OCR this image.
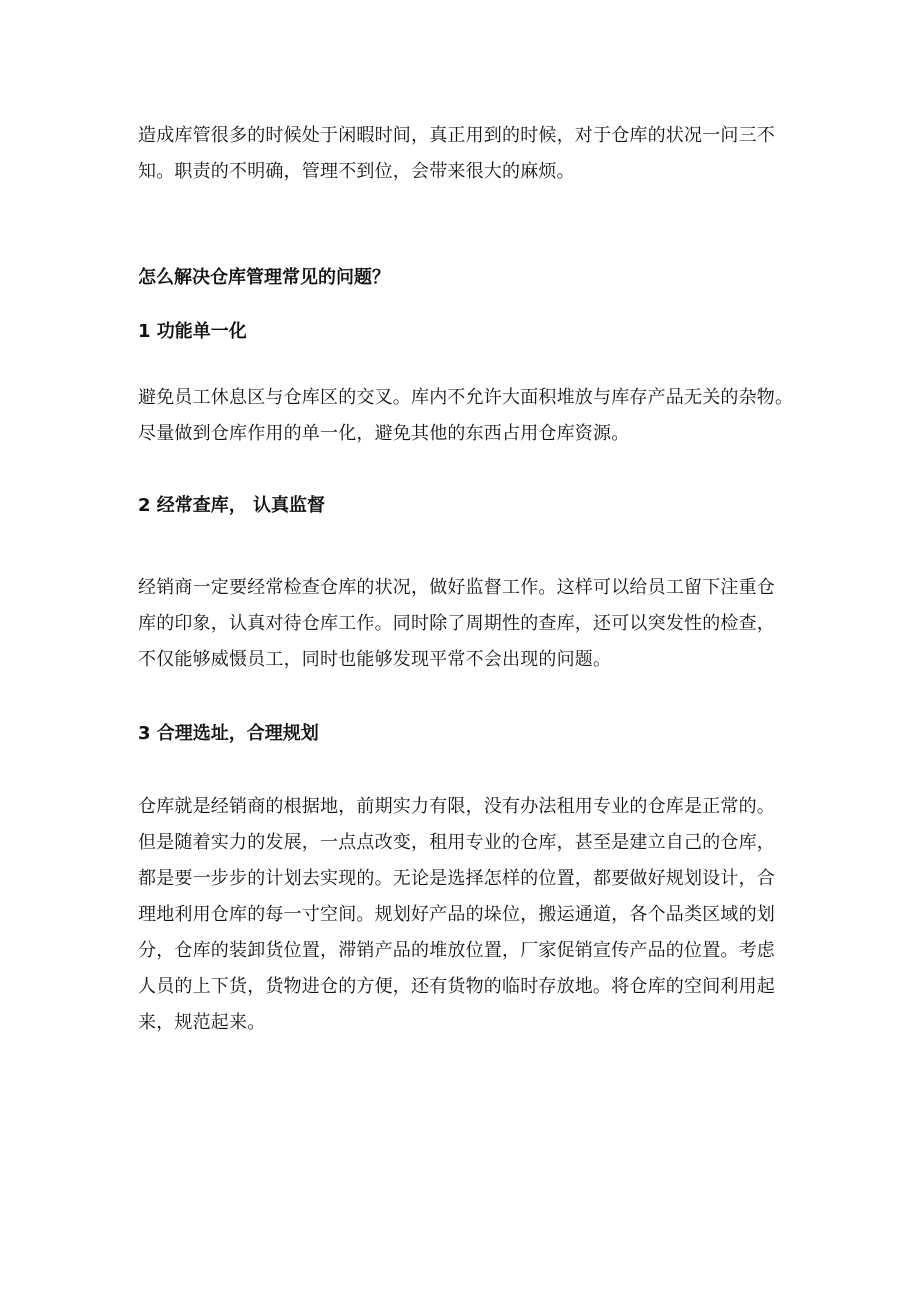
造成库管很多的时候处于闲暇时间，真正用到的时候，对于仓库的状况一问三不
知。职责的不明确，管理不到位，会带来很大的麻烦。

怎么解决仓库管理常见的问题？
1 功能单一化

避免员工休息区与仓库区的交叉。库内不允许大面积堆放与库存产品无关的杂物。
尽量做到仓库作用的单一化，避免其他的东西占用仓库资源。

2 经常查库， 认真监督

经销商一定要经常检查仓库的状况，做好监督工作。这样可以给员工留下注重仓
库的印象，认真对待仓库工作。同时除了周期性的查库，还可以突发性的检查，
不仅能够威慑员工，同时也能够发现平常不会出现的问题。

3 合理选址，合理规划

仓库就是经销商的根据地，前期实力有限，没有办法租用专业的仓库是正常的。
但是随着实力的发展，一点点改变，租用专业的仓库，甚至是建立自己的仓库，
都是要一步步的计划去实现的。无论是选择怎样的位置，都要做好规划设计，合
理地利用仓库的每一寸空间。规划好产品的垛位，搬运通道，各个品类区域的划
分，仓库的装卸货位置，滞销产品的堆放位置，厂家促销宣传产品的位置。考虑
人员的上下货，货物进仓的方便，还有货物的临时存放地。将仓库的空间利用起
来，规范起来。
